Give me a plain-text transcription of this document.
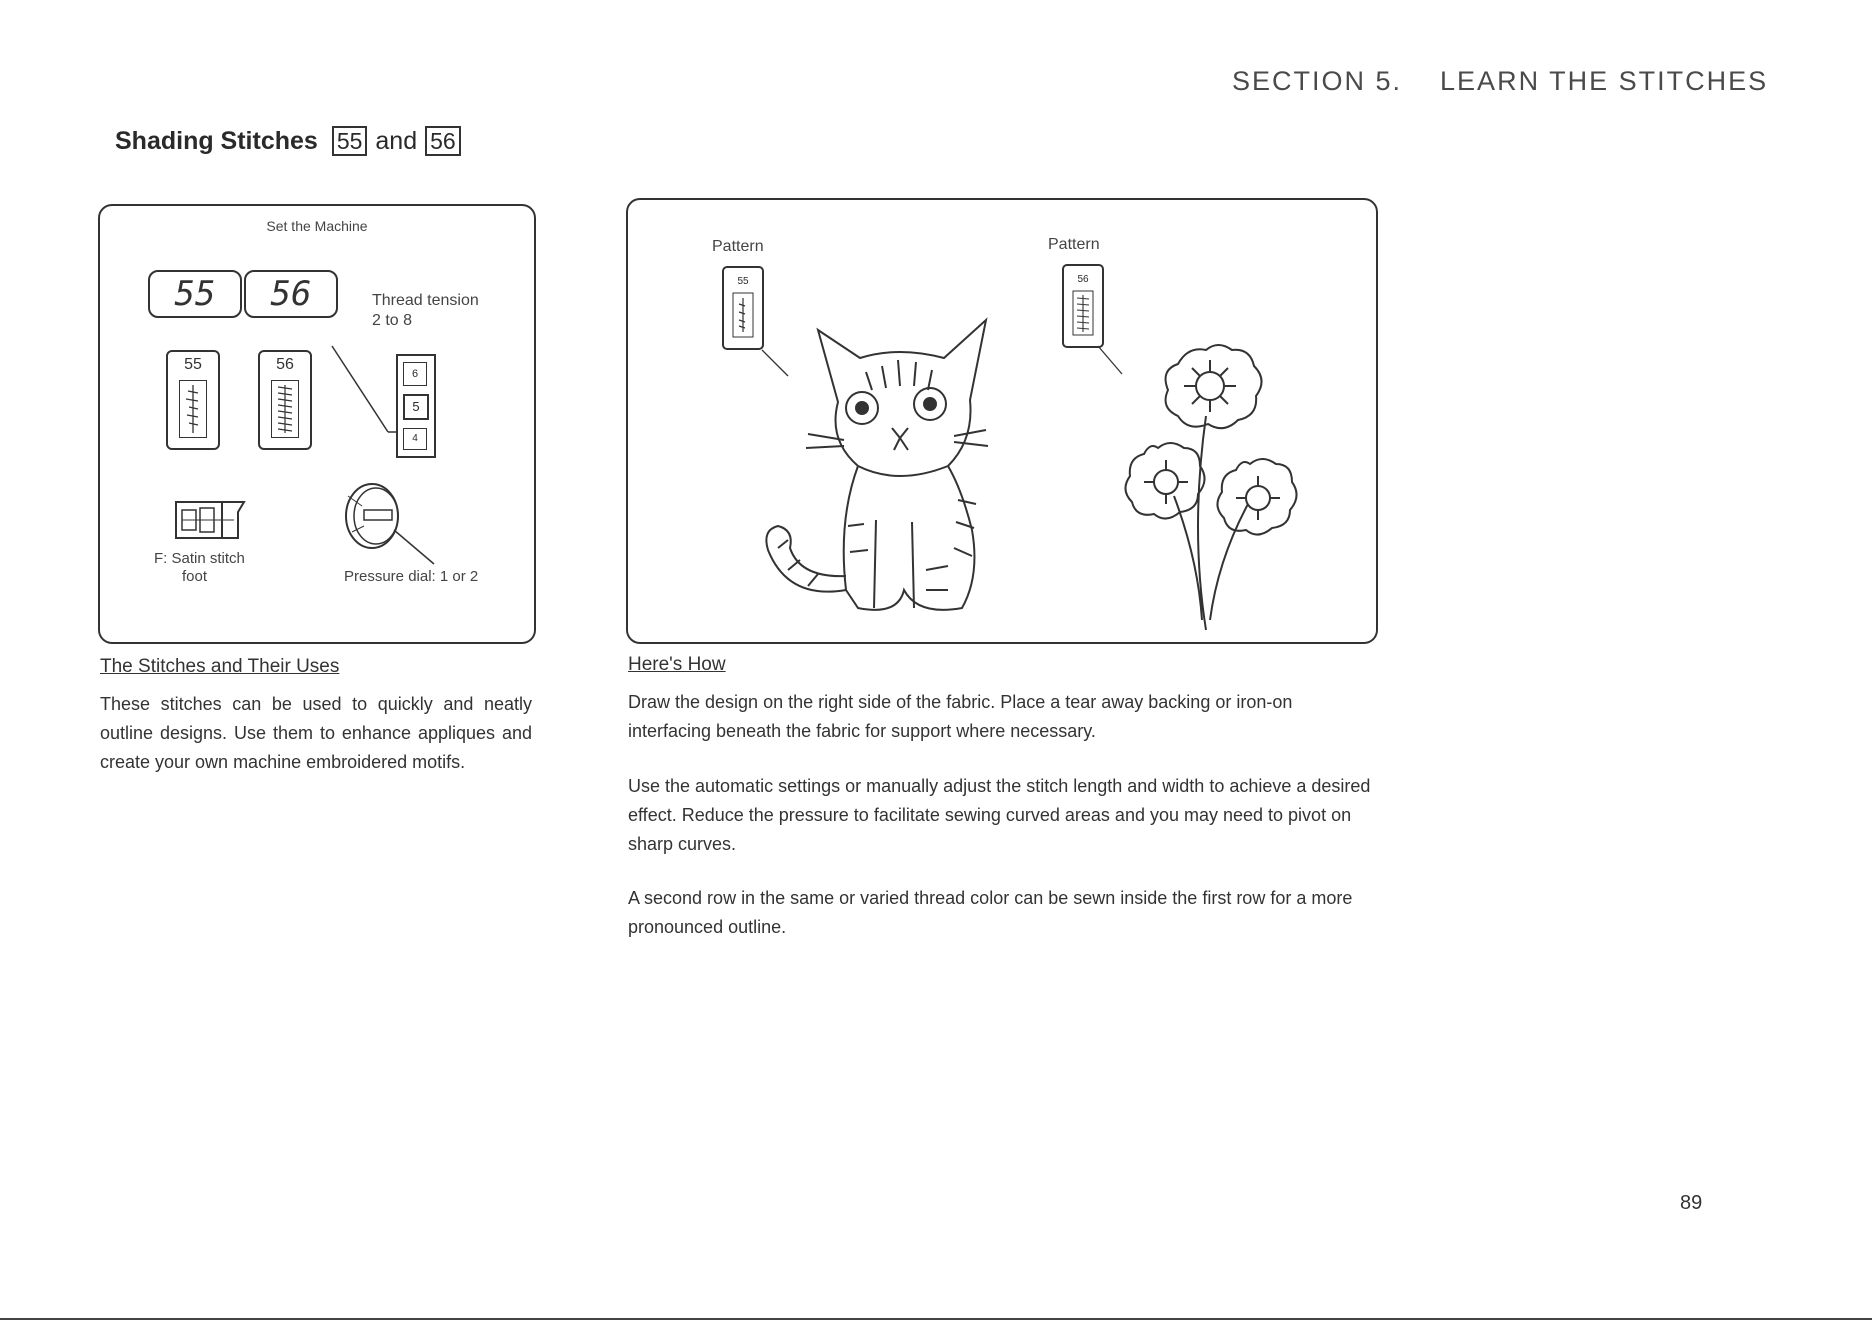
SECTION 5. LEARN THE STITCHES
Shading Stitches 55 and 56
Set the Machine
55	56	Thread tension
2 to 8
55	56
6
5
4
F: Satin stitch
foot	Pressure dial: 1 or 2
Pattern	Pattern
55	56
The Stitches and Their Uses
These stitches can be used to quickly and neatly outline designs. Use them to enhance appliques and create your own machine embroidered motifs.
Here's How
Draw the design on the right side of the fabric. Place a tear away backing or iron-on interfacing beneath the fabric for support where necessary.
Use the automatic settings or manually adjust the stitch length and width to achieve a desired effect. Reduce the pressure to facilitate sewing curved areas and you may need to pivot on sharp curves.
A second row in the same or varied thread color can be sewn inside the first row for a more pronounced outline.
89
